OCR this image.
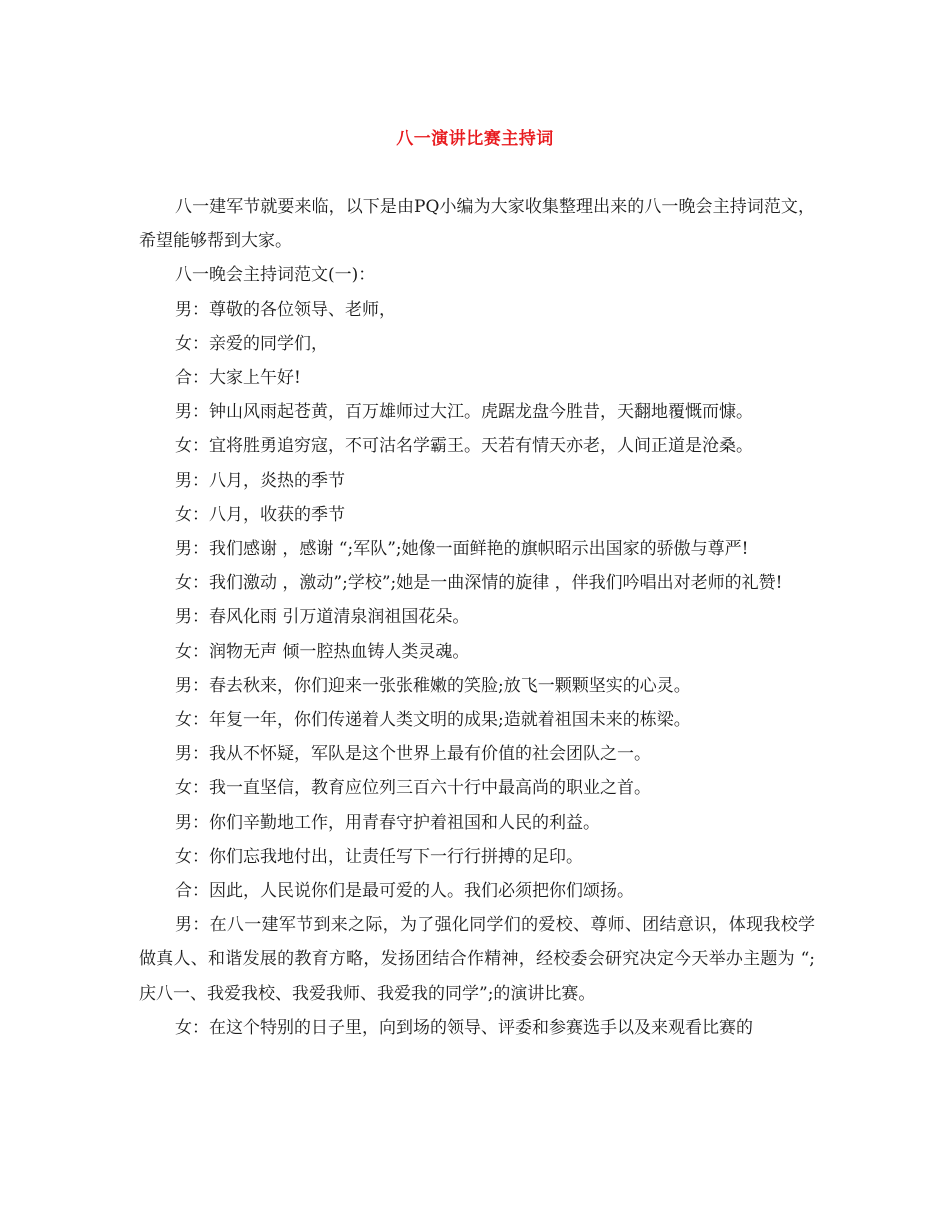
八一演讲比赛主持词

八一建军节就要来临，以下是由PQ小编为大家收集整理出来的八一晚会主持词范文，希望能够帮到大家。

八一晚会主持词范文(一)：

男：尊敬的各位领导、老师，

女：亲爱的同学们，

合：大家上午好!

男：钟山风雨起苍黄，百万雄师过大江。虎踞龙盘今胜昔，天翻地覆慨而慷。

女：宜将胜勇追穷寇，不可沽名学霸王。天若有情天亦老，人间正道是沧桑。

男：八月，炎热的季节

女：八月，收获的季节

男：我们感谢 ，感谢 “;军队”;她像一面鲜艳的旗帜昭示出国家的骄傲与尊严!

女：我们激动 ，激动”;学校”;她是一曲深情的旋律 ，伴我们吟唱出对老师的礼赞!

男：春风化雨 引万道清泉润祖国花朵。

女：润物无声 倾一腔热血铸人类灵魂。

男：春去秋来，你们迎来一张张稚嫩的笑脸;放飞一颗颗坚实的心灵。

女：年复一年，你们传递着人类文明的成果;造就着祖国未来的栋梁。

男：我从不怀疑，军队是这个世界上最有价值的社会团队之一。

女：我一直坚信，教育应位列三百六十行中最高尚的职业之首。

男：你们辛勤地工作，用青春守护着祖国和人民的利益。

女：你们忘我地付出，让责任写下一行行拼搏的足印。

合：因此，人民说你们是最可爱的人。我们必须把你们颂扬。

男：在八一建军节到来之际，为了强化同学们的爱校、尊师、团结意识，体现我校学做真人、和谐发展的教育方略，发扬团结合作精神，经校委会研究决定今天举办主题为 “;庆八一、我爱我校、我爱我师、我爱我的同学”;的演讲比赛。

女：在这个特别的日子里，向到场的领导、评委和参赛选手以及来观看比赛的
